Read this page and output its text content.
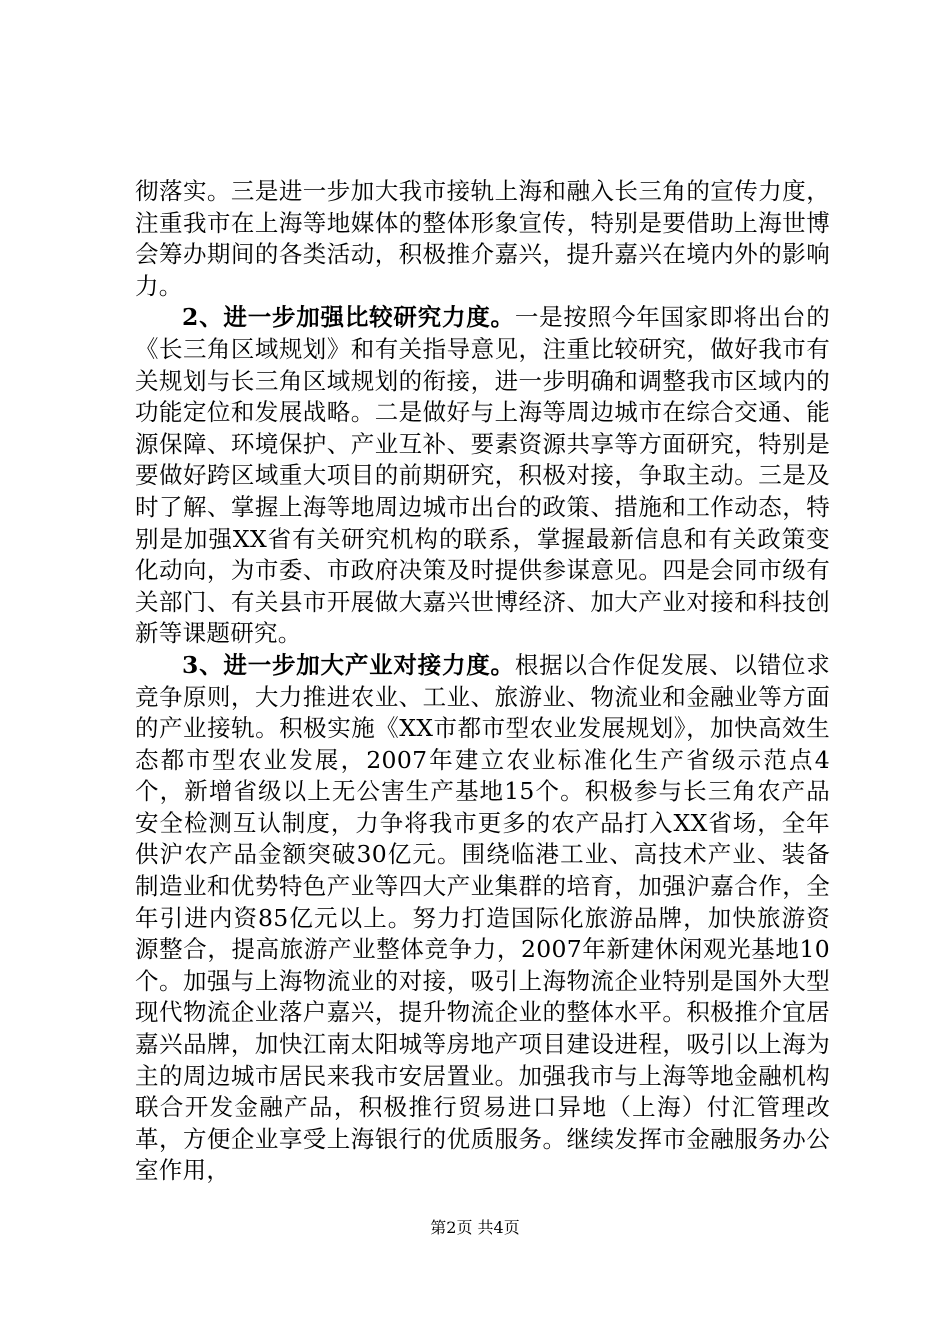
彻落实。三是进一步加大我市接轨上海和融入长三角的宣传力度，注重我市在上海等地媒体的整体形象宣传，特别是要借助上海世博会筹办期间的各类活动，积极推介嘉兴，提升嘉兴在境内外的影响力。

2、进一步加强比较研究力度。一是按照今年国家即将出台的《长三角区域规划》和有关指导意见，注重比较研究，做好我市有关规划与长三角区域规划的衔接，进一步明确和调整我市区域内的功能定位和发展战略。二是做好与上海等周边城市在综合交通、能源保障、环境保护、产业互补、要素资源共享等方面研究，特别是要做好跨区域重大项目的前期研究，积极对接，争取主动。三是及时了解、掌握上海等地周边城市出台的政策、措施和工作动态，特别是加强XX省有关研究机构的联系，掌握最新信息和有关政策变化动向，为市委、市政府决策及时提供参谋意见。四是会同市级有关部门、有关县市开展做大嘉兴世博经济、加大产业对接和科技创新等课题研究。

3、进一步加大产业对接力度。根据以合作促发展、以错位求竞争原则，大力推进农业、工业、旅游业、物流业和金融业等方面的产业接轨。积极实施《XX市都市型农业发展规划》，加快高效生态都市型农业发展，2007年建立农业标准化生产省级示范点4个，新增省级以上无公害生产基地15个。积极参与长三角农产品安全检测互认制度，力争将我市更多的农产品打入XX省场，全年供沪农产品金额突破30亿元。围绕临港工业、高技术产业、装备制造业和优势特色产业等四大产业集群的培育，加强沪嘉合作，全年引进内资85亿元以上。努力打造国际化旅游品牌，加快旅游资源整合，提高旅游产业整体竞争力，2007年新建休闲观光基地10个。加强与上海物流业的对接，吸引上海物流企业特别是国外大型现代物流企业落户嘉兴，提升物流企业的整体水平。积极推介宜居嘉兴品牌，加快江南太阳城等房地产项目建设进程，吸引以上海为主的周边城市居民来我市安居置业。加强我市与上海等地金融机构联合开发金融产品，积极推行贸易进口异地（上海）付汇管理改革，方便企业享受上海银行的优质服务。继续发挥市金融服务办公室作用，

第2页 共4页
